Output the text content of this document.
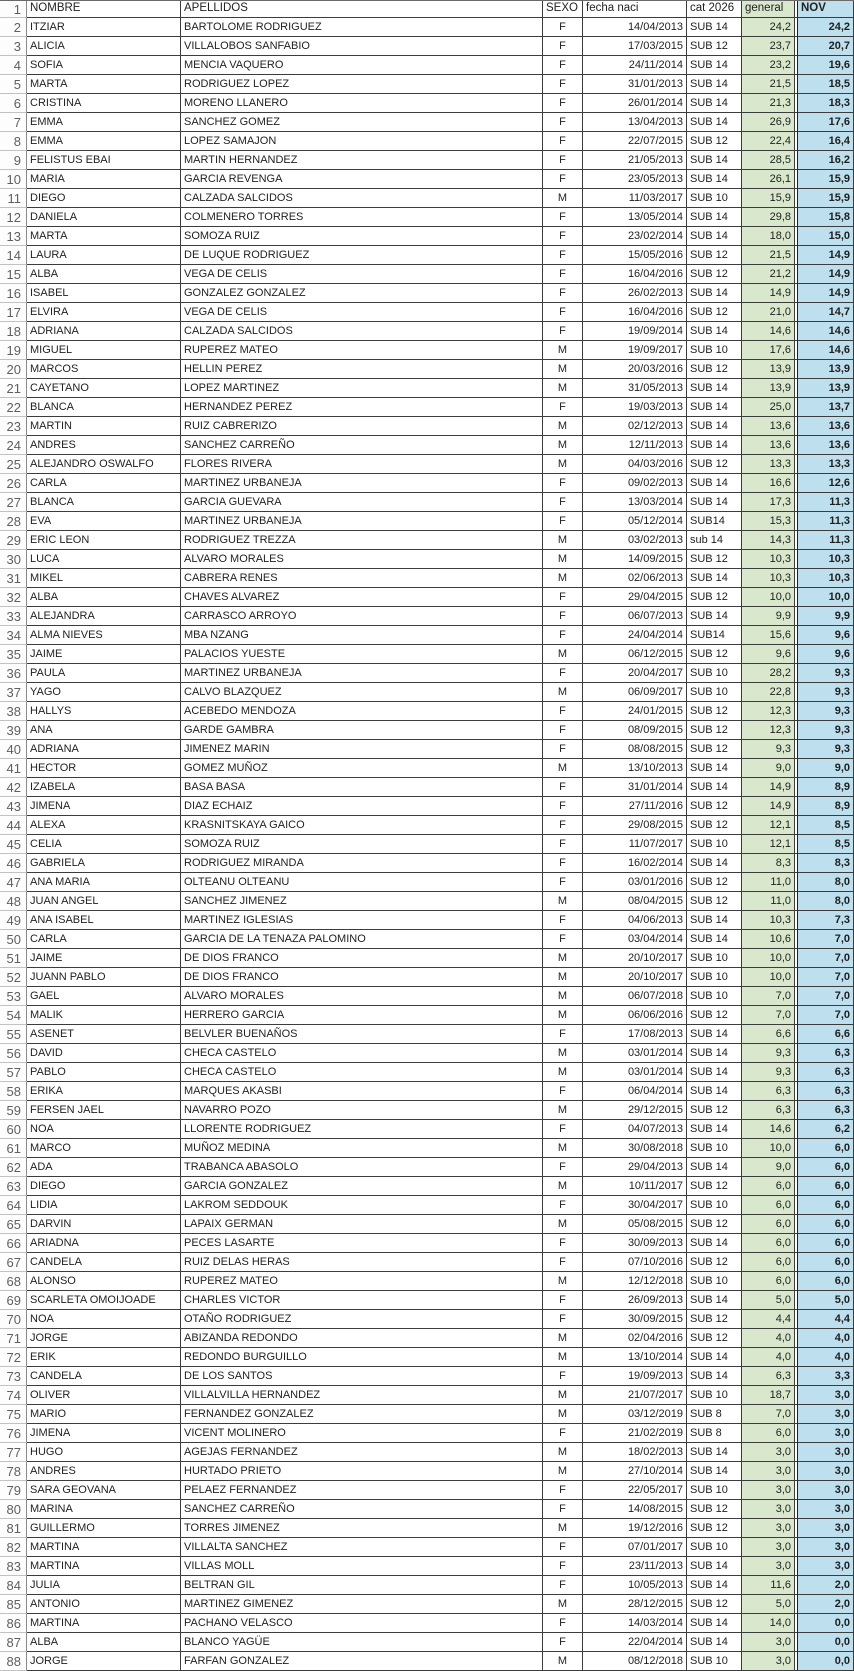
1 NOMBRE	APELLIDOS	SEXO fecha naci	cat 2026 general	NOV
2 ITZIAR	BARTOLOME RODRIGUEZ	F	14/04/2013 SUB 14	24,2	24,2
3 ALICIA	VILLALOBOS SANFABIO	F	17/03/2015 SUB 12	23,7	20,7
4 SOFIA	MENCIA VAQUERO	F	24/11/2014 SUB 14	23,2	19,6
5 MARTA	RODRIGUEZ LOPEZ	F	31/01/2013 SUB 14	21,5	18,5
6 CRISTINA	MORENO LLANERO	F	26/01/2014 SUB 14	21,3	18,3
7 EMMA	SANCHEZ GOMEZ	F	13/04/2013 SUB 14	26,9	17,6
8 EMMA	LOPEZ SAMAJON	F	22/07/2015 SUB 12	22,4	16,4
9 FELISTUS EBAI	MARTIN HERNANDEZ	F	21/05/2013 SUB 14	28,5	16,2
10 MARIA	GARCIA REVENGA	F	23/05/2013 SUB 14	26,1	15,9
11 DIEGO	CALZADA SALCIDOS	M	11/03/2017 SUB 10	15,9	15,9
12 DANIELA	COLMENERO TORRES	F	13/05/2014 SUB 14	29,8	15,8
13 MARTA	SOMOZA RUIZ	F	23/02/2014 SUB 14	18,0	15,0
14 LAURA	DE LUQUE RODRIGUEZ	F	15/05/2016 SUB 12	21,5	14,9
15 ALBA	VEGA DE CELIS	F	16/04/2016 SUB 12	21,2	14,9
16 ISABEL	GONZALEZ GONZALEZ	F	26/02/2013 SUB 14	14,9	14,9
17 ELVIRA	VEGA DE CELIS	F	16/04/2016 SUB 12	21,0	14,7
18 ADRIANA	CALZADA SALCIDOS	F	19/09/2014 SUB 14	14,6	14,6
19 MIGUEL	RUPEREZ MATEO	M	19/09/2017 SUB 10	17,6	14,6
20 MARCOS	HELLIN PEREZ	M	20/03/2016 SUB 12	13,9	13,9
21 CAYETANO	LOPEZ MARTINEZ	M	31/05/2013 SUB 14	13,9	13,9
22 BLANCA	HERNANDEZ PEREZ	F	19/03/2013 SUB 14	25,0	13,7
23 MARTIN	RUIZ CABRERIZO	M	02/12/2013 SUB 14	13,6	13,6
24 ANDRES	SANCHEZ CARREÑO	M	12/11/2013 SUB 14	13,6	13,6
25 ALEJANDRO OSWALFO	FLORES RIVERA	M	04/03/2016 SUB 12	13,3	13,3
26 CARLA	MARTINEZ URBANEJA	F	09/02/2013 SUB 14	16,6	12,6
27 BLANCA	GARCIA GUEVARA	F	13/03/2014 SUB 14	17,3	11,3
28 EVA	MARTINEZ URBANEJA	F	05/12/2014 SUB14	15,3	11,3
29 ERIC LEON	RODRIGUEZ TREZZA	M	03/02/2013 sub 14	14,3	11,3
30 LUCA	ALVARO MORALES	M	14/09/2015 SUB 12	10,3	10,3
31 MIKEL	CABRERA RENES	M	02/06/2013 SUB 14	10,3	10,3
32 ALBA	CHAVES ALVAREZ	F	29/04/2015 SUB 12	10,0	10,0
33 ALEJANDRA	CARRASCO ARROYO	F	06/07/2013 SUB 14	9,9	9,9
34 ALMA NIEVES	MBA NZANG	F	24/04/2014 SUB14	15,6	9,6
35 JAIME	PALACIOS YUESTE	M	06/12/2015 SUB 12	9,6	9,6
36 PAULA	MARTINEZ URBANEJA	F	20/04/2017 SUB 10	28,2	9,3
37 YAGO	CALVO BLAZQUEZ	M	06/09/2017 SUB 10	22,8	9,3
38 HALLYS	ACEBEDO MENDOZA	F	24/01/2015 SUB 12	12,3	9,3
39 ANA	GARDE GAMBRA	F	08/09/2015 SUB 12	12,3	9,3
40 ADRIANA	JIMENEZ MARIN	F	08/08/2015 SUB 12	9,3	9,3
41 HECTOR	GOMEZ MUÑOZ	M	13/10/2013 SUB 14	9,0	9,0
42 IZABELA	BASA BASA	F	31/01/2014 SUB 14	14,9	8,9
43 JIMENA	DIAZ ECHAIZ	F	27/11/2016 SUB 12	14,9	8,9
44 ALEXA	KRASNITSKAYA GAICO	F	29/08/2015 SUB 12	12,1	8,5
45 CELIA	SOMOZA RUIZ	F	11/07/2017 SUB 10	12,1	8,5
46 GABRIELA	RODRIGUEZ MIRANDA	F	16/02/2014 SUB 14	8,3	8,3
47 ANA MARIA	OLTEANU OLTEANU	F	03/01/2016 SUB 12	11,0	8,0
48 JUAN ANGEL	SANCHEZ JIMENEZ	M	08/04/2015 SUB 12	11,0	8,0
49 ANA ISABEL	MARTINEZ IGLESIAS	F	04/06/2013 SUB 14	10,3	7,3
50 CARLA	GARCIA DE LA TENAZA PALOMINO	F	03/04/2014 SUB 14	10,6	7,0
51 JAIME	DE DIOS FRANCO	M	20/10/2017 SUB 10	10,0	7,0
52 JUANN PABLO	DE DIOS FRANCO	M	20/10/2017 SUB 10	10,0	7,0
53 GAEL	ALVARO MORALES	M	06/07/2018 SUB 10	7,0	7,0
54 MALIK	HERRERO GARCIA	M	06/06/2016 SUB 12	7,0	7,0
55 ASENET	BELVLER BUENAÑOS	F	17/08/2013 SUB 14	6,6	6,6
56 DAVID	CHECA CASTELO	M	03/01/2014 SUB 14	9,3	6,3
57 PABLO	CHECA CASTELO	M	03/01/2014 SUB 14	9,3	6,3
58 ERIKA	MARQUES AKASBI	F	06/04/2014 SUB 14	6,3	6,3
59 FERSEN JAEL	NAVARRO POZO	M	29/12/2015 SUB 12	6,3	6,3
60 NOA	LLORENTE RODRIGUEZ	F	04/07/2013 SUB 14	14,6	6,2
61 MARCO	MUÑOZ MEDINA	M	30/08/2018 SUB 10	10,0	6,0
62 ADA	TRABANCA ABASOLO	F	29/04/2013 SUB 14	9,0	6,0
63 DIEGO	GARCIA GONZALEZ	M	10/11/2017 SUB 12	6,0	6,0
64 LIDIA	LAKROM SEDDOUK	F	30/04/2017 SUB 10	6,0	6,0
65 DARVIN	LAPAIX GERMAN	M	05/08/2015 SUB 12	6,0	6,0
66 ARIADNA	PECES LASARTE	F	30/09/2013 SUB 14	6,0	6,0
67 CANDELA	RUIZ DELAS HERAS	F	07/10/2016 SUB 12	6,0	6,0
68 ALONSO	RUPEREZ MATEO	M	12/12/2018 SUB 10	6,0	6,0
69 SCARLETA OMOIJOADE	CHARLES VICTOR	F	26/09/2013 SUB 14	5,0	5,0
70 NOA	OTAÑO RODRIGUEZ	F	30/09/2015 SUB 12	4,4	4,4
71 JORGE	ABIZANDA REDONDO	M	02/04/2016 SUB 12	4,0	4,0
72 ERIK	REDONDO BURGUILLO	M	13/10/2014 SUB 14	4,0	4,0
73 CANDELA	DE LOS SANTOS	F	19/09/2013 SUB 14	6,3	3,3
74 OLIVER	VILLALVILLA HERNANDEZ	M	21/07/2017 SUB 10	18,7	3,0
75 MARIO	FERNANDEZ GONZALEZ	M	03/12/2019 SUB 8	7,0	3,0
76 JIMENA	VICENT MOLINERO	F	21/02/2019 SUB 8	6,0	3,0
77 HUGO	AGEJAS FERNANDEZ	M	18/02/2013 SUB 14	3,0	3,0
78 ANDRES	HURTADO PRIETO	M	27/10/2014 SUB 14	3,0	3,0
79 SARA GEOVANA	PELAEZ FERNANDEZ	F	22/05/2017 SUB 10	3,0	3,0
80 MARINA	SANCHEZ CARREÑO	F	14/08/2015 SUB 12	3,0	3,0
81 GUILLERMO	TORRES JIMENEZ	M	19/12/2016 SUB 12	3,0	3,0
82 MARTINA	VILLALTA SANCHEZ	F	07/01/2017 SUB 10	3,0	3,0
83 MARTINA	VILLAS MOLL	F	23/11/2013 SUB 14	3,0	3,0
84 JULIA	BELTRAN GIL	F	10/05/2013 SUB 14	11,6	2,0
85 ANTONIO	MARTINEZ GIMENEZ	M	28/12/2015 SUB 12	5,0	2,0
86 MARTINA	PACHANO VELASCO	F	14/03/2014 SUB 14	14,0	0,0
87 ALBA	BLANCO YAGÜE	F	22/04/2014 SUB 14	3,0	0,0
88 JORGE	FARFAN GONZALEZ	M	08/12/2018 SUB 10	3,0	0,0
